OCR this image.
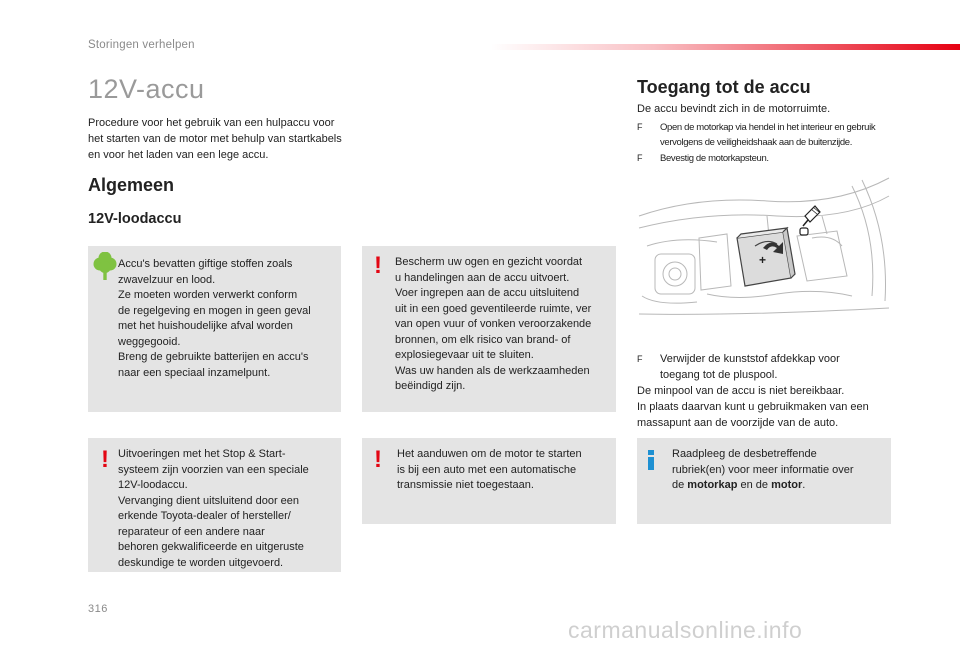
Storingen verhelpen
12V-accu
Procedure voor het gebruik van een hulpaccu voor het starten van de motor met behulp van startkabels en voor het laden van een lege accu.
Algemeen
12V-loodaccu
Accu's bevatten giftige stoffen zoals
zwavelzuur en lood.
Ze moeten worden verwerkt conform
de regelgeving en mogen in geen geval
met het huishoudelijke afval worden
weggegooid.
Breng de gebruikte batterijen en accu's
naar een speciaal inzamelpunt.
! Bescherm uw ogen en gezicht voordat
u handelingen aan de accu uitvoert.
Voer ingrepen aan de accu uitsluitend
uit in een goed geventileerde ruimte, ver
van open vuur of vonken veroorzakende
bronnen, om elk risico van brand- of
explosiegevaar uit te sluiten.
Was uw handen als de werkzaamheden
beëindigd zijn.
! Uitvoeringen met het Stop & Start-
systeem zijn voorzien van een speciale
12V-loodaccu.
Vervanging dient uitsluitend door een
erkende Toyota-dealer of hersteller/
reparateur of een andere naar
behoren gekwalificeerde en uitgeruste
deskundige te worden uitgevoerd.
! Het aanduwen om de motor te starten
is bij een auto met een automatische
transmissie niet toegestaan.
Raadpleeg de desbetreffende
rubriek(en) voor meer informatie over
de motorkap en de motor.
Toegang tot de accu
De accu bevindt zich in de motorruimte.
F Open de motorkap via hendel in het interieur en gebruik
vervolgens de veiligheidshaak aan de buitenzijde.
F	Bevestig de motorkapsteun.
+
F Verwijder de kunststof afdekkap voor
toegang tot de pluspool.
De minpool van de accu is niet bereikbaar.
In plaats daarvan kunt u gebruikmaken van een
massapunt aan de voorzijde van de auto.
316
carmanualsonline.info
